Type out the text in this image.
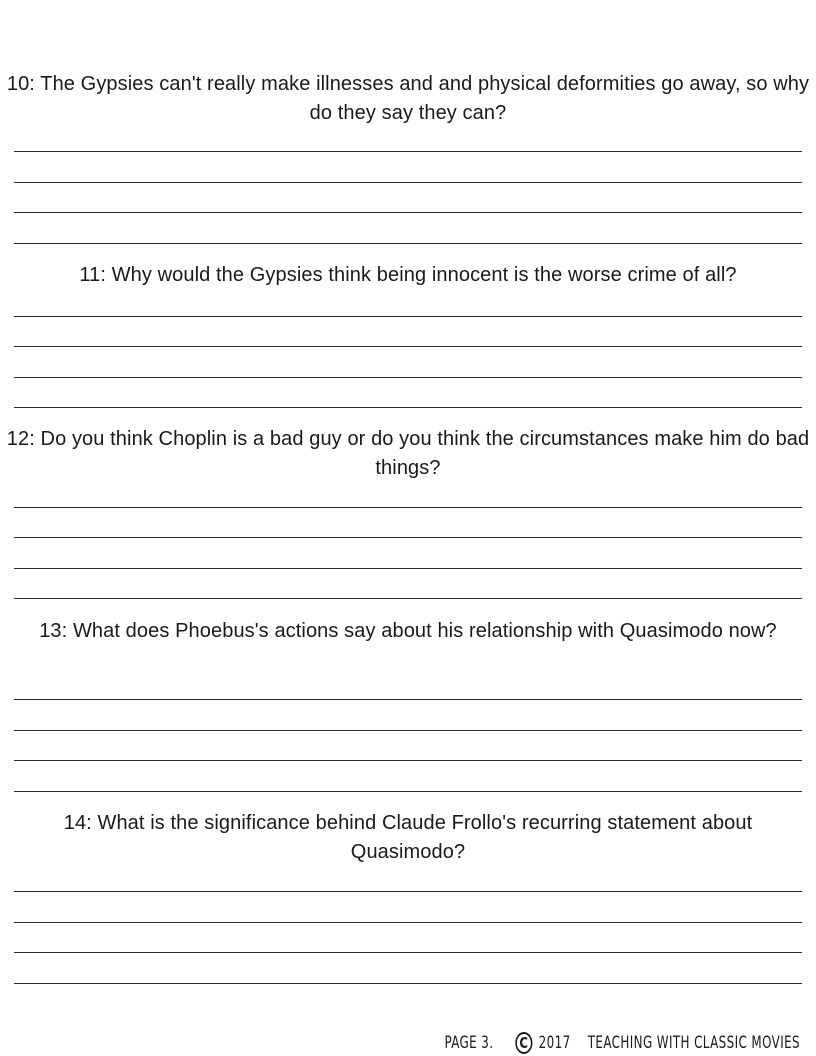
10: The Gypsies can't really make illnesses and and physical deformities go away, so why do they say they can?

11: Why would the Gypsies think being innocent is the worse crime of all?

12: Do you think Choplin is a bad guy or do you think the circumstances make him do bad things?

13: What does Phoebus's actions say about his relationship with Quasimodo now?

14: What is the significance behind Claude Frollo's recurring statement about Quasimodo?

PAGE 3. C 2017 TEACHING WITH CLASSIC MOVIES
